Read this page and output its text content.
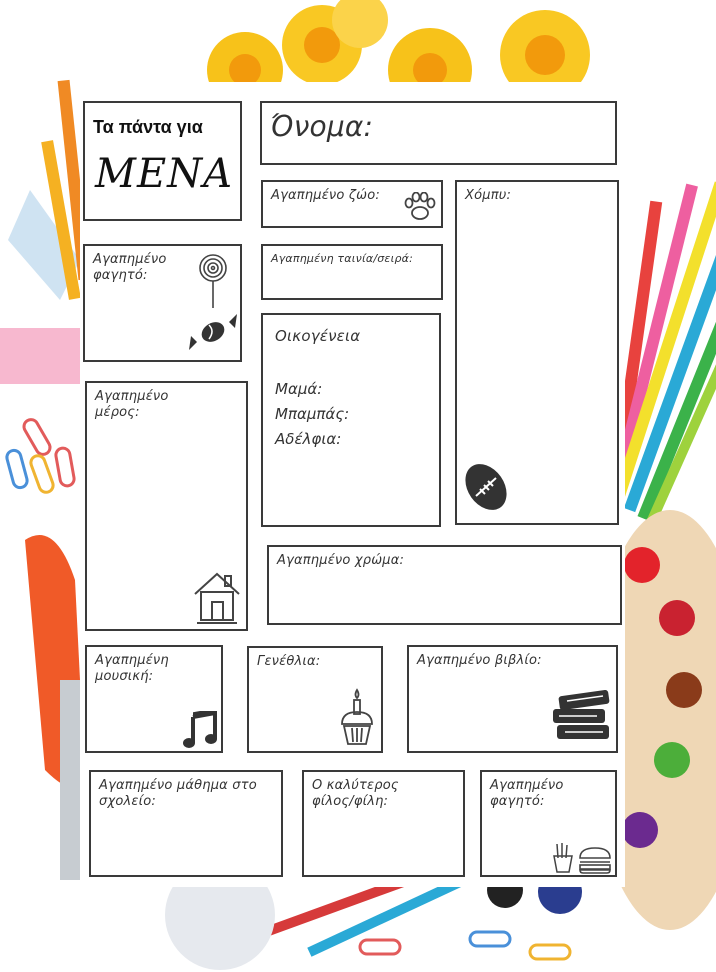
Τα πάντα για
ΜΕΝΑ
Όνομα:
Αγαπημένο ζώο:	Χόμπυ:
Αγαπημένο
φαγητό:
Αγαπημένη ταινία/σειρά:
Οικογένεια
Μαμά:
Μπαμπάς:
Αδέλφια:
Αγαπημένο
μέρος:
Αγαπημένο χρώμα:
Αγαπημένη
μουσική:
Γενέθλια:	Αγαπημένο βιβλίο:
Αγαπημένο μάθημα στο
σχολείο:
Ο καλύτερος
φίλος/φίλη:
Αγαπημένο
φαγητό:
